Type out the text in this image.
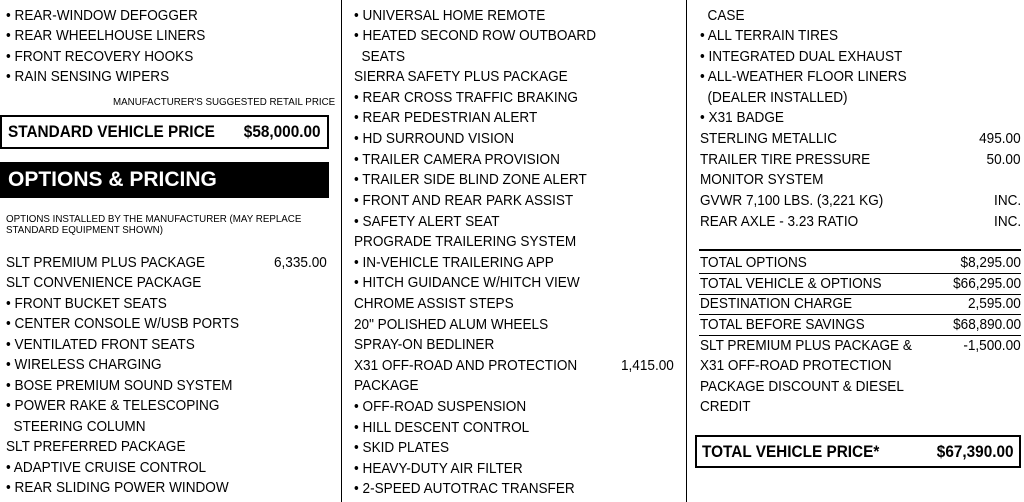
• REAR-WINDOW DEFOGGER
• REAR WHEELHOUSE LINERS
• FRONT RECOVERY HOOKS
• RAIN SENSING WIPERS
MANUFACTURER'S SUGGESTED RETAIL PRICE
STANDARD VEHICLE PRICE $58,000.00
OPTIONS & PRICING
OPTIONS INSTALLED BY THE MANUFACTURER (MAY REPLACE
STANDARD EQUIPMENT SHOWN)
SLT PREMIUM PLUS PACKAGE	6,335.00
SLT CONVENIENCE PACKAGE
• FRONT BUCKET SEATS
• CENTER CONSOLE W/USB PORTS
• VENTILATED FRONT SEATS
• WIRELESS CHARGING
• BOSE PREMIUM SOUND SYSTEM
• POWER RAKE & TELESCOPING
STEERING COLUMN
SLT PREFERRED PACKAGE
• ADAPTIVE CRUISE CONTROL
• REAR SLIDING POWER WINDOW
• UNIVERSAL HOME REMOTE
• HEATED SECOND ROW OUTBOARD
SEATS
SIERRA SAFETY PLUS PACKAGE
• REAR CROSS TRAFFIC BRAKING
• REAR PEDESTRIAN ALERT
• HD SURROUND VISION
• TRAILER CAMERA PROVISION
• TRAILER SIDE BLIND ZONE ALERT
• FRONT AND REAR PARK ASSIST
• SAFETY ALERT SEAT
PROGRADE TRAILERING SYSTEM
• IN-VEHICLE TRAILERING APP
• HITCH GUIDANCE W/HITCH VIEW
CHROME ASSIST STEPS
20" POLISHED ALUM WHEELS
SPRAY-ON BEDLINER
X31 OFF-ROAD AND PROTECTION	1,415.00
PACKAGE
• OFF-ROAD SUSPENSION
• HILL DESCENT CONTROL
• SKID PLATES
• HEAVY-DUTY AIR FILTER
• 2-SPEED AUTOTRAC TRANSFER
CASE
• ALL TERRAIN TIRES
• INTEGRATED DUAL EXHAUST
• ALL-WEATHER FLOOR LINERS
(DEALER INSTALLED)
• X31 BADGE
STERLING METALLIC	495.00
TRAILER TIRE PRESSURE	50.00
MONITOR SYSTEM
GVWR 7,100 LBS. (3,221 KG)	INC.
REAR AXLE - 3.23 RATIO	INC.
TOTAL OPTIONS	$8,295.00
TOTAL VEHICLE & OPTIONS	$66,295.00
DESTINATION CHARGE	2,595.00
TOTAL BEFORE SAVINGS	$68,890.00
SLT PREMIUM PLUS PACKAGE &	-1,500.00
X31 OFF-ROAD PROTECTION
PACKAGE DISCOUNT & DIESEL
CREDIT
TOTAL VEHICLE PRICE*	$67,390.00
